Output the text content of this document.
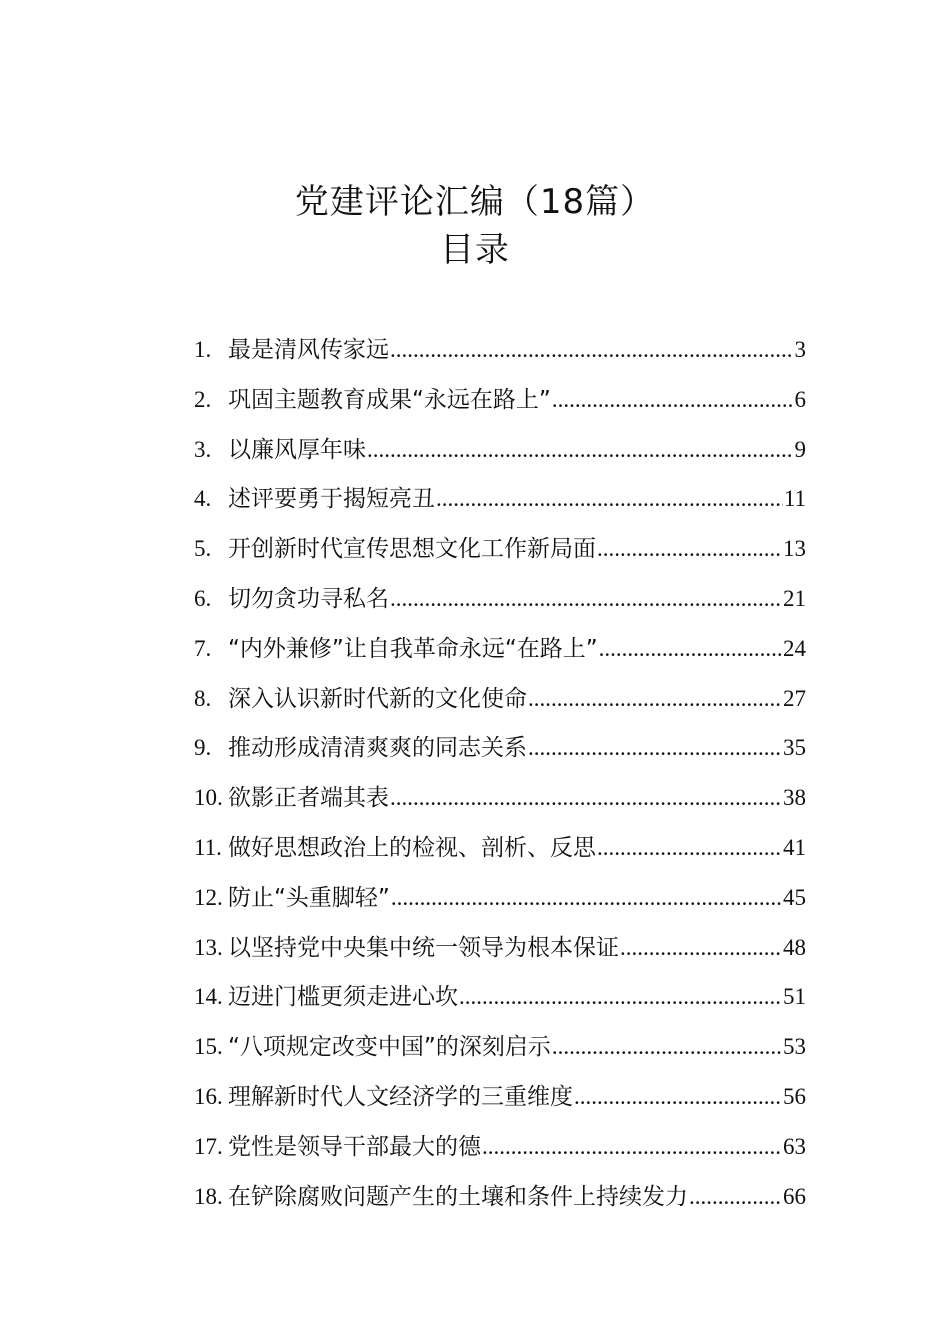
党建评论汇编（18篇）
目录
1. 最是清风传家远 .....	3
2. 巩固主题教育成果“永远在路上” .....	6
3. 以廉风厚年味 .....	9
4. 述评要勇于揭短亮丑 .....	11
5. 开创新时代宣传思想文化工作新局面 .....	13
6. 切勿贪功寻私名 .....	21
7. “内外兼修”让自我革命永远“在路上” .....	24
8. 深入认识新时代新的文化使命 .....	27
9. 推动形成清清爽爽的同志关系 .....	35
10. 欲影正者端其表 .....	38
11. 做好思想政治上的检视、剖析、反思 .....	41
12. 防止“头重脚轻” .....	45
13. 以坚持党中央集中统一领导为根本保证 .....	48
14. 迈进门槛更须走进心坎 .....	51
15. “八项规定改变中国”的深刻启示 .....	53
16. 理解新时代人文经济学的三重维度 .....	56
17. 党性是领导干部最大的德 .....	63
18. 在铲除腐败问题产生的土壤和条件上持续发力 .....	66
